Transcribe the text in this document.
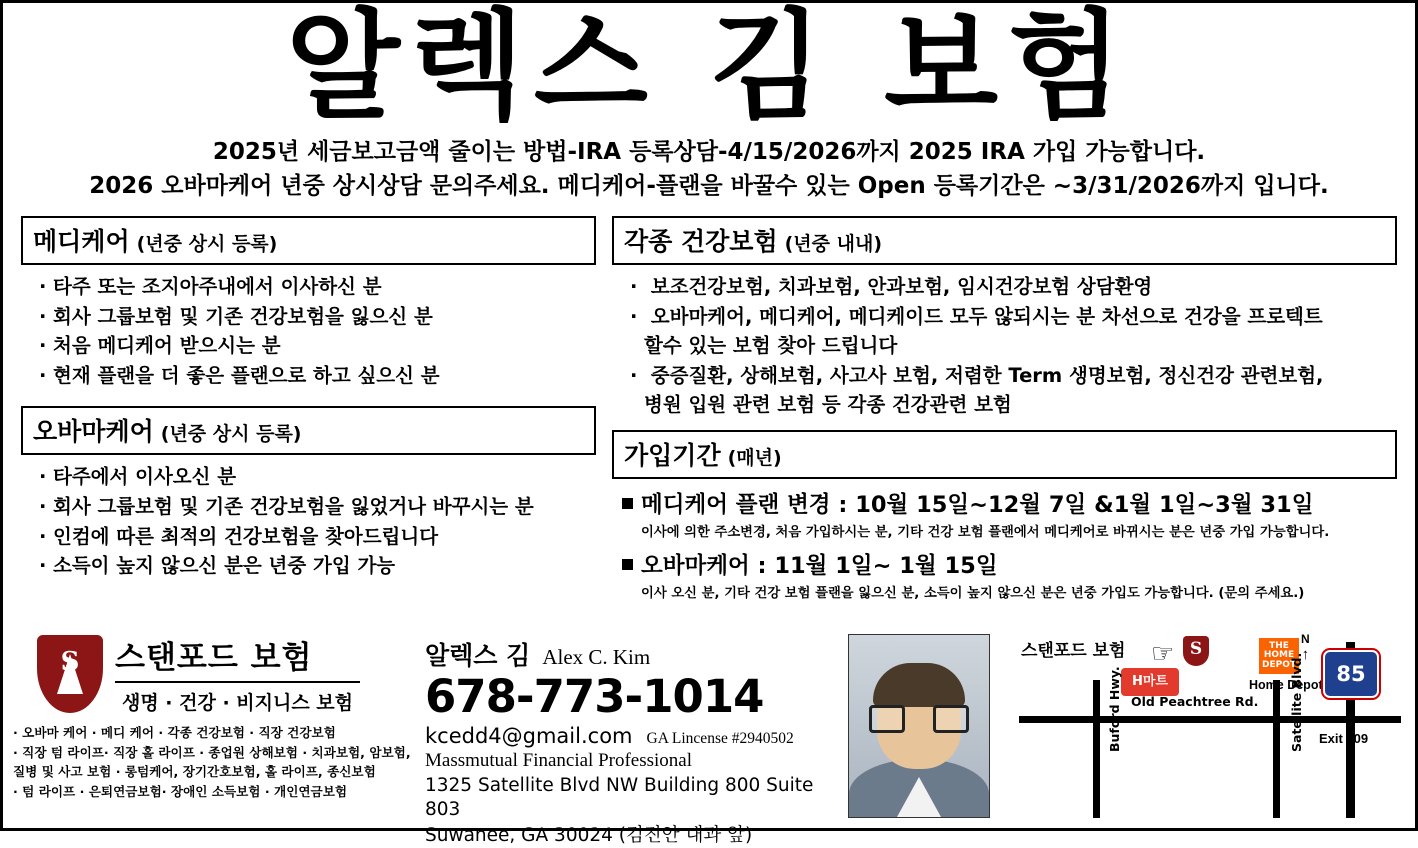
알렉스 김 보험
2025년 세금보고금액 줄이는 방법-IRA 등록상담-4/15/2026까지 2025 IRA 가입 가능합니다.
2026 오바마케어 년중 상시상담 문의주세요. 메디케어-플랜을 바꿀수 있는 Open 등록기간은 ~3/31/2026까지 입니다.
메디케어 (년중 상시 등록)
· 타주 또는 조지아주내에서 이사하신 분
· 회사 그룹보험 및 기존 건강보험을 잃으신 분
· 처음 메디케어 받으시는 분
· 현재 플랜을 더 좋은 플랜으로 하고 싶으신 분
오바마케어 (년중 상시 등록)
· 타주에서 이사오신 분
· 회사 그룹보험 및 기존 건강보험을 잃었거나 바꾸시는 분
· 인컴에 따른 최적의 건강보험을 찾아드립니다
· 소득이 높지 않으신 분은 년중 가입 가능
각종 건강보험 (년중 내내)
· 보조건강보험, 치과보험, 안과보험, 임시건강보험 상담환영
· 오바마케어, 메디케어, 메디케이드 모두 않되시는 분 차선으로 건강을 프로텍트
할수 있는 보험 찾아 드립니다
· 중증질환, 상해보험, 사고사 보험, 저렴한 Term 생명보험, 정신건강 관련보험,
병원 입원 관련 보험 등 각종 건강관련 보험
가입기간 (매년)
메디케어 플랜 변경 : 10월 15일~12월 7일 &1월 1일~3월 31일
이사에 의한 주소변경, 처음 가입하시는 분, 기타 건강 보험 플랜에서 메디케어로 바뀌시는 분은 년중 가입 가능합니다.
오바마케어 : 11월 1일~ 1월 15일
이사 오신 분, 기타 건강 보험 플랜을 잃으신 분, 소득이 높지 않으신 분은 년중 가입도 가능합니다. (문의 주세요.)
S 스탠포드 보험
생명 · 건강 · 비지니스 보험
· 오바마 케어 · 메디 케어 · 각종 건강보험 · 직장 건강보험
· 직장 텀 라이프· 직장 홀 라이프 · 종업원 상해보험 · 치과보험, 암보험,
질병 및 사고 보험 · 롱텀케어, 장기간호보험, 홀 라이프, 종신보험
· 텀 라이프 · 은퇴연금보험· 장애인 소득보험 · 개인연금보험
알렉스 김 Alex C. Kim
678-773-1014
kcedd4@gmail.com GA Lincense #2940502
Massmutual Financial Professional
1325 Satellite Blvd NW Building 800 Suite 803
Suwanee, GA 30024 (김진안 내과 앞)
스탠포드 보험 ☞ S
H마트
THE HOME DEPOT
Home Depot 85
N
↑
Exit 109
Buford Hwy. Old Peachtree Rd. Satellite Blvd.
